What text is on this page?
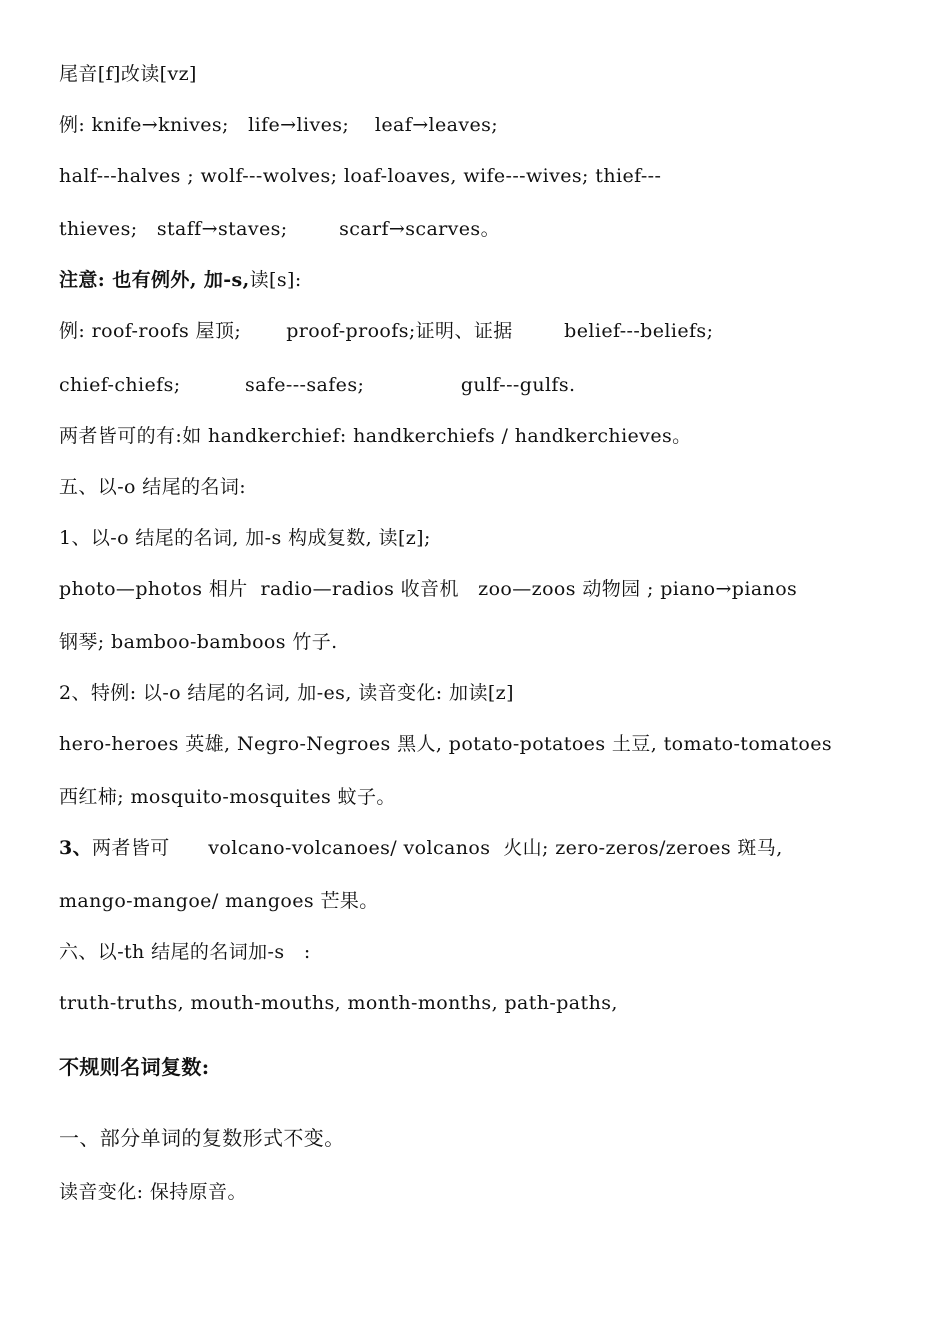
尾音[f]改读[vz]
例: knife→knives;   life→lives;    leaf→leaves;
half---halves ; wolf---wolves; loaf-loaves, wife---wives; thief---
thieves;   staff→staves;        scarf→scarves。
注意: 也有例外, 加-s,读[s]:
例: roof-roofs 屋顶;       proof-proofs;证明、证据        belief---beliefs;
chief-chiefs;          safe---safes;               gulf---gulfs.
两者皆可的有:如 handkerchief: handkerchiefs / handkerchieves。
五、以-o 结尾的名词:
1、以-o 结尾的名词, 加-s 构成复数, 读[z];
photo—photos 相片  radio—radios 收音机   zoo—zoos 动物园 ; piano→pianos
钢琴; bamboo-bamboos 竹子.
2、特例: 以-o 结尾的名词, 加-es, 读音变化: 加读[z]
hero-heroes 英雄, Negro-Negroes 黑人, potato-potatoes 土豆, tomato-tomatoes
西红柿; mosquito-mosquites 蚊子。
3、两者皆可      volcano-volcanoes/ volcanos  火山; zero-zeros/zeroes 斑马,
mango-mangoe/ mangoes 芒果。
六、以-th 结尾的名词加-s   :
truth-truths, mouth-mouths, month-months, path-paths,
不规则名词复数:
一、部分单词的复数形式不变。
读音变化: 保持原音。
